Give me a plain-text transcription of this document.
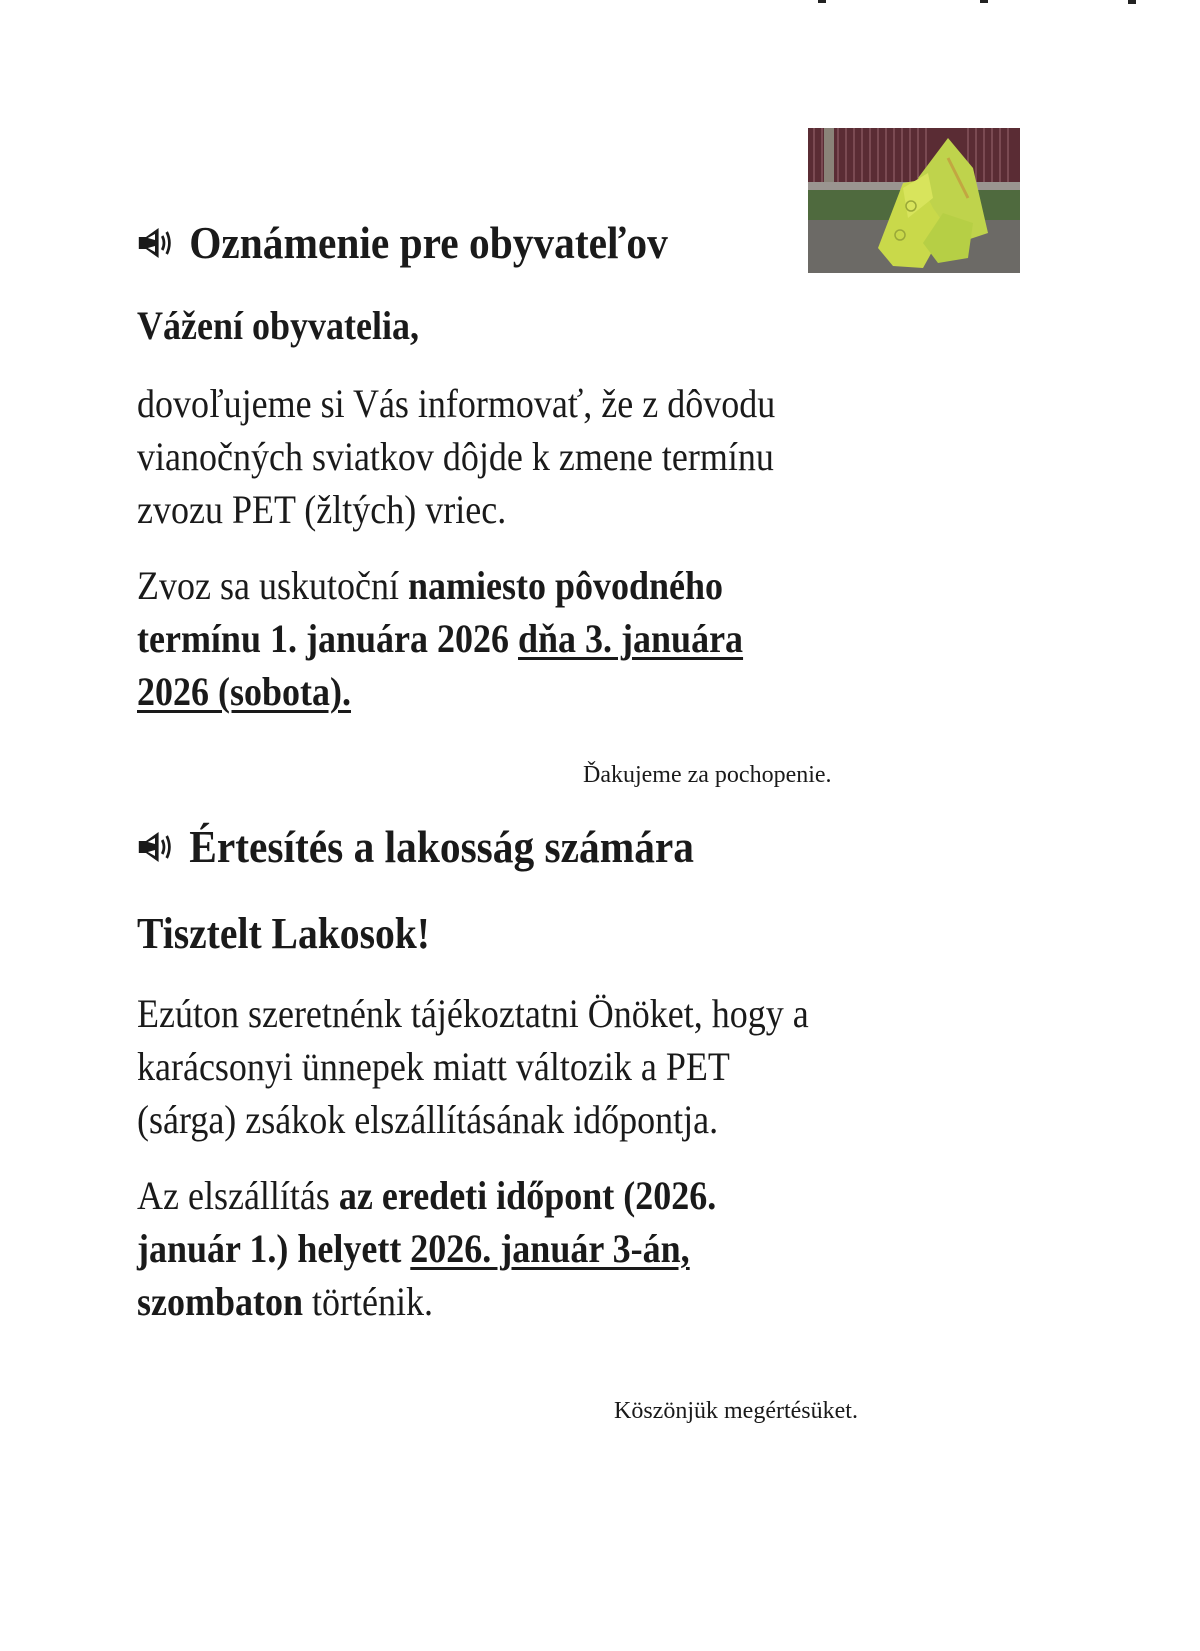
Oznámenie pre obyvateľov
Vážení obyvatelia,
dovoľujeme si Vás informovať, že z dôvodu
vianočných sviatkov dôjde k zmene termínu
zvozu PET (žltých) vriec.
Zvoz sa uskutoční namiesto pôvodného
termínu 1. januára 2026 dňa 3. januára
2026 (sobota).
Ďakujeme za pochopenie.
Értesítés a lakosság számára
Tisztelt Lakosok!
Ezúton szeretnénk tájékoztatni Önöket, hogy a
karácsonyi ünnepek miatt változik a PET
(sárga) zsákok elszállításának időpontja.
Az elszállítás az eredeti időpont (2026.
január 1.) helyett 2026. január 3-án,
szombaton történik.
Köszönjük megértésüket.
